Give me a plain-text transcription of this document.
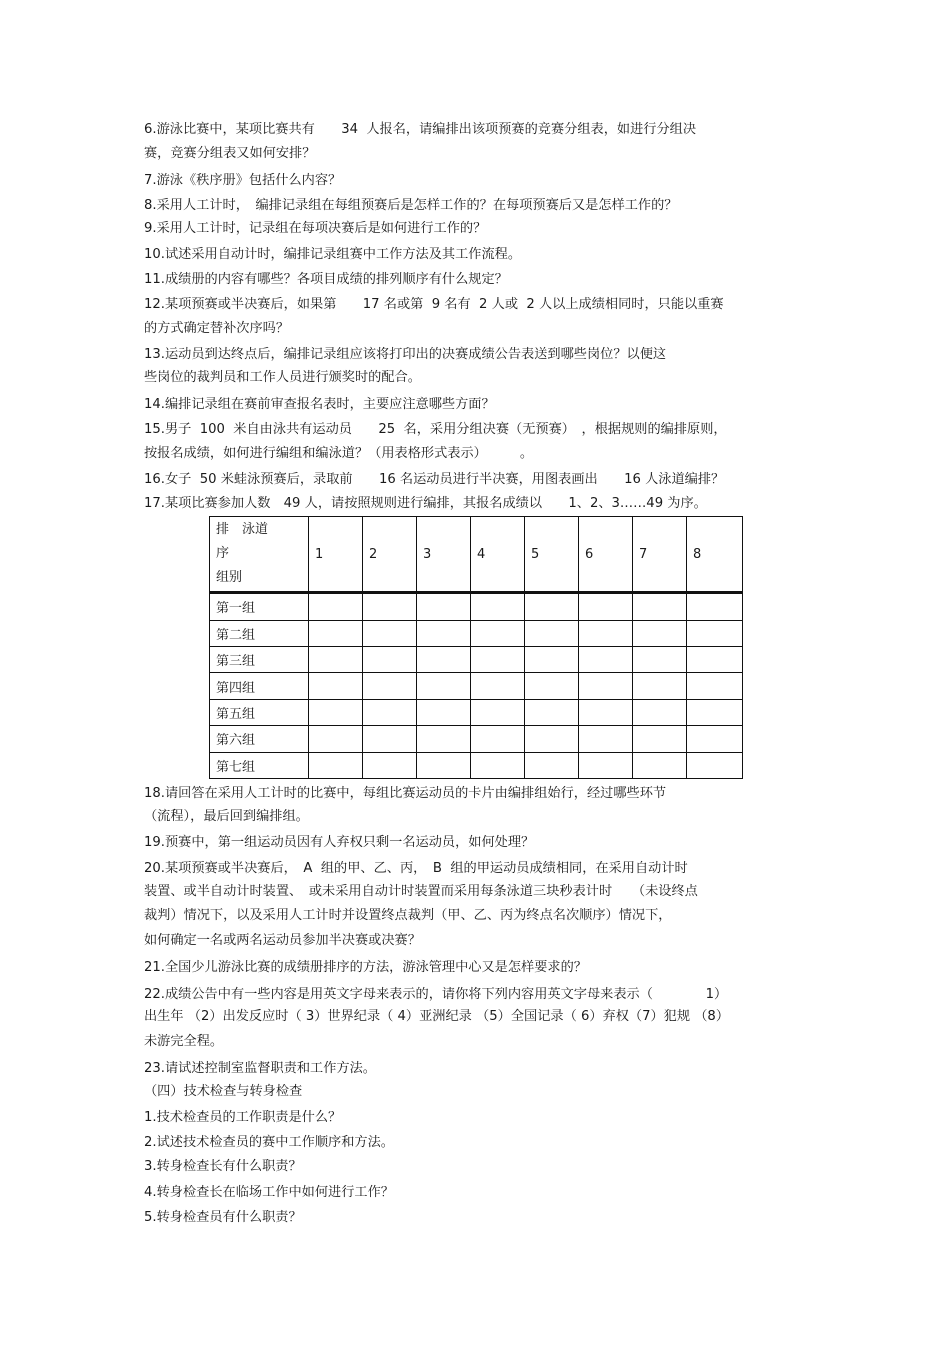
6.游泳比赛中，某项比赛共有　　34  人报名，请编排出该项预赛的竞赛分组表，如进行分组决
赛，竞赛分组表又如何安排？
7.游泳《秩序册》包括什么内容？
8.采用人工计时，　编排记录组在每组预赛后是怎样工作的？在每项预赛后又是怎样工作的？
9.采用人工计时，记录组在每项决赛后是如何进行工作的？
10.试述采用自动计时，编排记录组赛中工作方法及其工作流程。
11.成绩册的内容有哪些？各项目成绩的排列顺序有什么规定？
12.某项预赛或半决赛后，如果第　　17 名或第  9 名有  2 人或  2 人以上成绩相同时，只能以重赛
的方式确定替补次序吗？
13.运动员到达终点后，编排记录组应该将打印出的决赛成绩公告表送到哪些岗位？以便这
些岗位的裁判员和工作人员进行颁奖时的配合。
14.编排记录组在赛前审查报名表时，主要应注意哪些方面？
15.男子  100  米自由泳共有运动员　　25  名，采用分组决赛（无预赛）　，根据规则的编排原则，
按报名成绩，如何进行编组和编泳道？（用表格形式表示）　　　。
16.女子  50 米蛙泳预赛后，录取前　　16 名运动员进行半决赛，用图表画出　　16 人泳道编排？
17.某项比赛参加人数　49 人，请按照规则进行编排，其报名成绩以　　1、2、3……49 为序。
排　泳道
序
组别	1	2	3	4	5	6	7	8
第一组								
第二组								
第三组								
第四组								
第五组								
第六组								
第七组								
18.请回答在采用人工计时的比赛中，每组比赛运动员的卡片由编排组始行，经过哪些环节
（流程），最后回到编排组。
19.预赛中，第一组运动员因有人弃权只剩一名运动员，如何处理？
20.某项预赛或半决赛后，　A  组的甲、乙、丙，　B  组的甲运动员成绩相同，在采用自动计时
装置、或半自动计时装置、　或未采用自动计时装置而采用每条泳道三块秒表计时　　（未设终点
裁判）情况下，以及采用人工计时并设置终点裁判（甲、乙、丙为终点名次顺序）情况下，
如何确定一名或两名运动员参加半决赛或决赛？
21.全国少儿游泳比赛的成绩册排序的方法，游泳管理中心又是怎样要求的？
22.成绩公告中有一些内容是用英文字母来表示的，请你将下列内容用英文字母来表示（　　　　1）
出生年 （2）出发反应时（ 3）世界纪录（ 4）亚洲纪录 （5）全国记录（ 6）弃权（7）犯规 （8）
未游完全程。
23.请试述控制室监督职责和工作方法。
（四）技术检查与转身检查
1.技术检查员的工作职责是什么？
2.试述技术检查员的赛中工作顺序和方法。
3.转身检查长有什么职责？
4.转身检查长在临场工作中如何进行工作？
5.转身检查员有什么职责？
